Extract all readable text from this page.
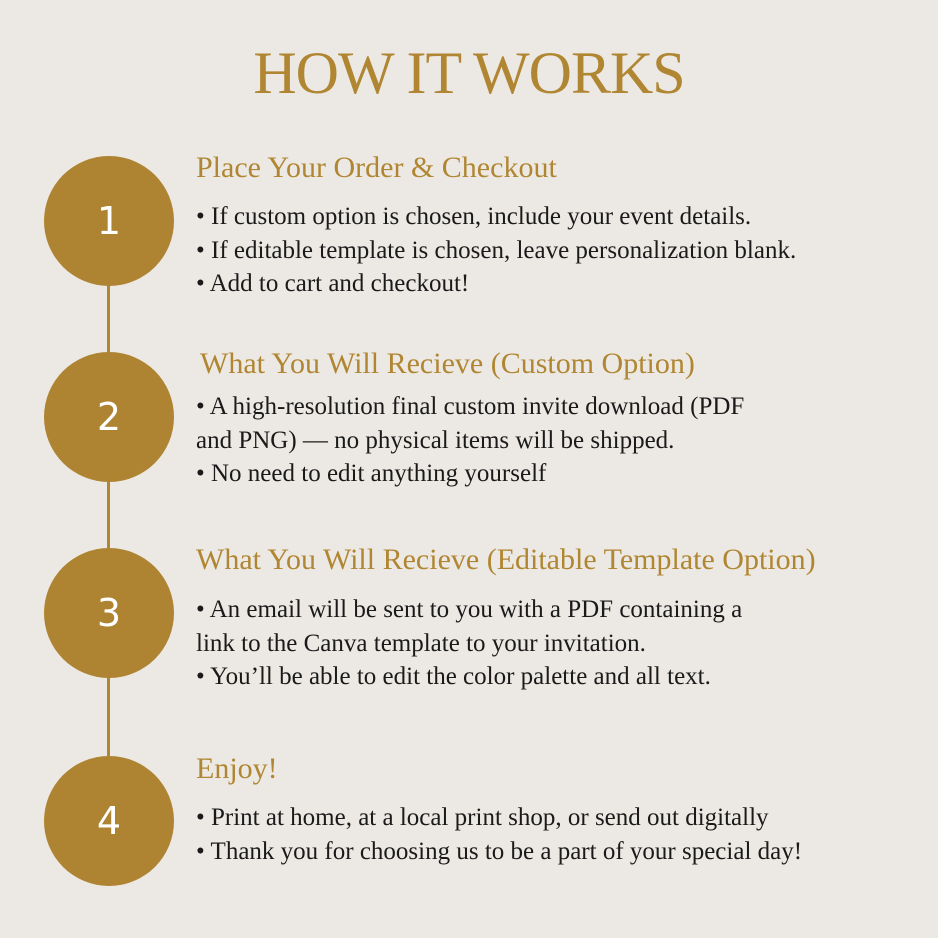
HOW IT WORKS
1
Place Your Order & Checkout
• If custom option is chosen, include your event details.
• If editable template is chosen, leave personalization blank.
• Add to cart and checkout!
2
What You Will Recieve (Custom Option)
• A high-resolution final custom invite download (PDF
and PNG) — no physical items will be shipped.
• No need to edit anything yourself
3
What You Will Recieve (Editable Template Option)
• An email will be sent to you with a PDF containing a
link to the Canva template to your invitation.
• You’ll be able to edit the color palette and all text.
4
Enjoy!
• Print at home, at a local print shop, or send out digitally
• Thank you for choosing us to be a part of your special day!
